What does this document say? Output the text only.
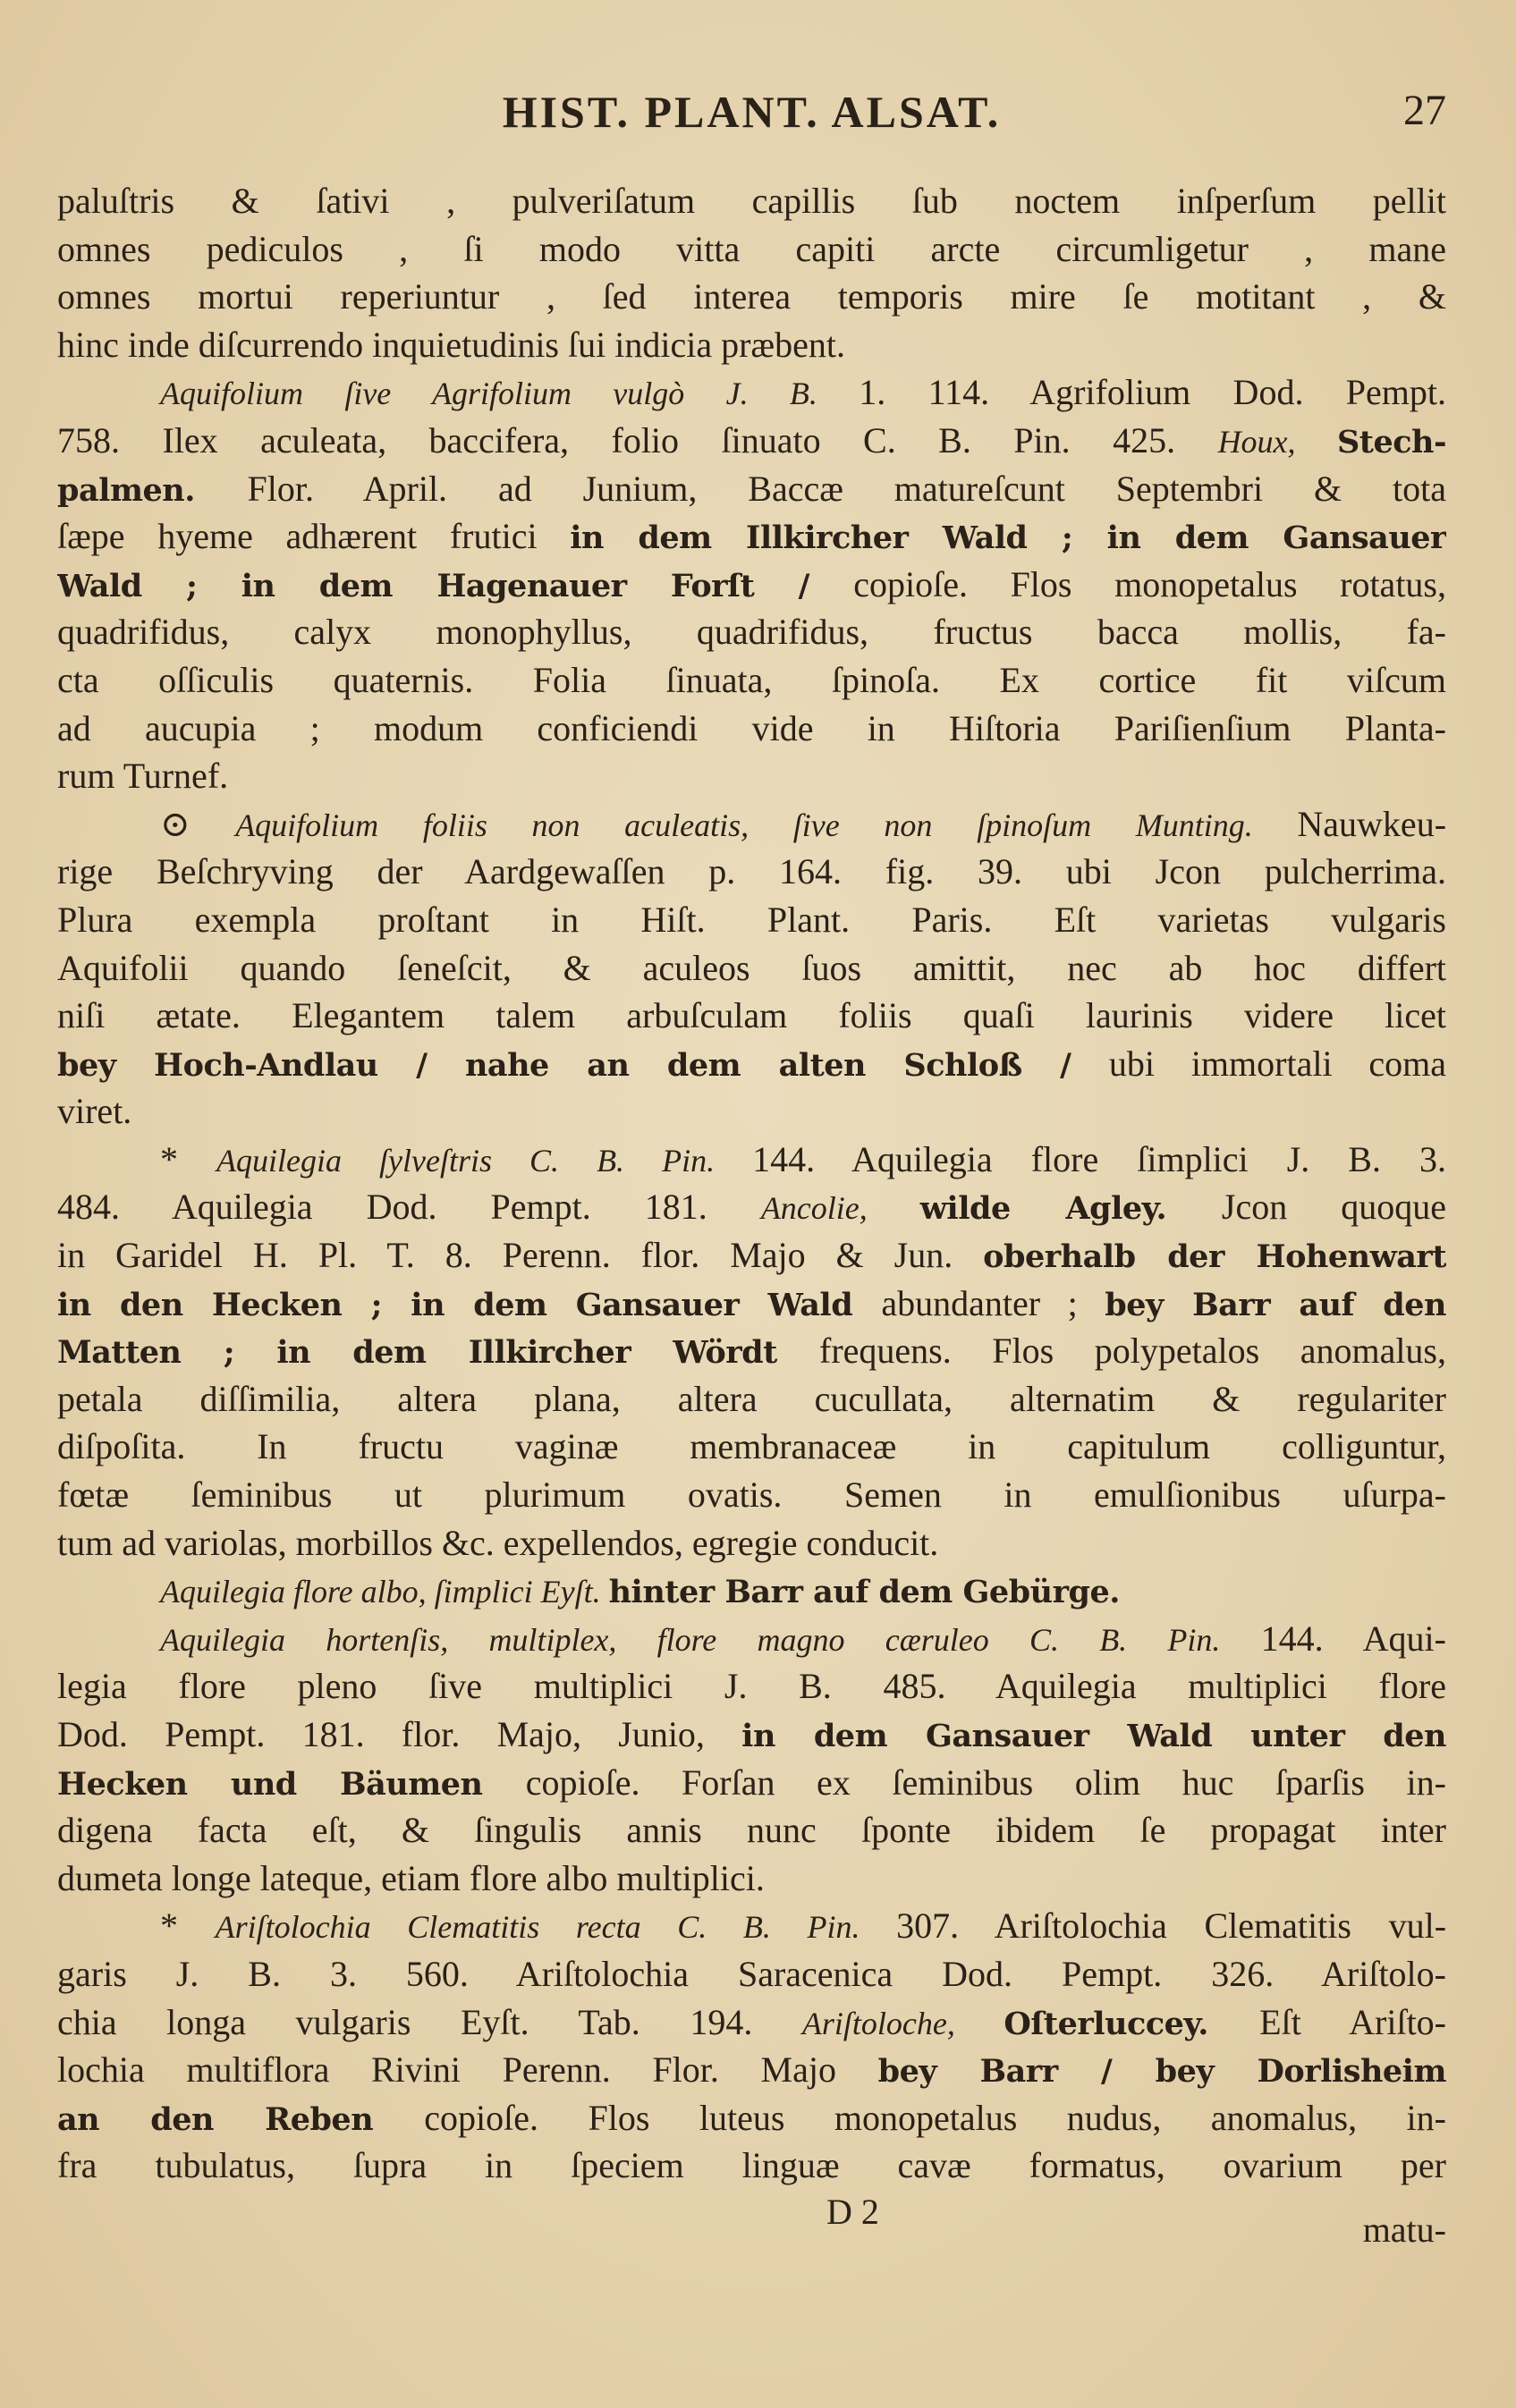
HIST. PLANT. ALSAT.	27
paluſtris & ſativi , pulveriſatum capillis ſub noctem inſperſum pellit
omnes pediculos , ſi modo vitta capiti arcte circumligetur , mane
omnes mortui reperiuntur , ſed interea temporis mire ſe motitant , &
hinc inde diſcurrendo inquietudinis ſui indicia præbent.
Aquifolium ſive Agrifolium vulgò J. B. 1. 114. Agrifolium Dod. Pempt.
758. Ilex aculeata, baccifera, folio ſinuato C. B. Pin. 425. Houx, Stech-
palmen. Flor. April. ad Junium, Baccæ matureſcunt Septembri & tota
ſæpe hyeme adhærent frutici in dem Illkircher Wald ; in dem Gansauer
Wald ; in dem Hagenauer Forſt / copioſe. Flos monopetalus rotatus,
quadrifidus, calyx monophyllus, quadrifidus, fructus bacca mollis, fa-
cta oſſiculis quaternis. Folia ſinuata, ſpinoſa. Ex cortice fit viſcum
ad aucupia ; modum conficiendi vide in Hiſtoria Pariſienſium Planta-
rum Turnef.
⊙ Aquifolium foliis non aculeatis, ſive non ſpinoſum Munting. Nauwkeu-
rige Beſchryving der Aardgewaſſen p. 164. fig. 39. ubi Jcon pulcherrima.
Plura exempla proſtant in Hiſt. Plant. Paris. Eſt varietas vulgaris
Aquifolii quando ſeneſcit, & aculeos ſuos amittit, nec ab hoc differt
niſi ætate. Elegantem talem arbuſculam foliis quaſi laurinis videre licet
bey Hoch-Andlau / nahe an dem alten Schloß / ubi immortali coma
viret.
* Aquilegia ſylveſtris C. B. Pin. 144. Aquilegia flore ſimplici J. B. 3.
484. Aquilegia Dod. Pempt. 181. Ancolie, wilde Agley. Jcon quoque
in Garidel H. Pl. T. 8. Perenn. flor. Majo & Jun. oberhalb der Hohenwart
in den Hecken ; in dem Gansauer Wald abundanter ; bey Barr auf den
Matten ; in dem Illkircher Wördt frequens. Flos polypetalos anomalus,
petala diſſimilia, altera plana, altera cucullata, alternatim & regulariter
diſpoſita. In fructu vaginæ membranaceæ in capitulum colliguntur,
fœtæ ſeminibus ut plurimum ovatis. Semen in emulſionibus uſurpa-
tum ad variolas, morbillos &c. expellendos, egregie conducit.
Aquilegia flore albo, ſimplici Eyſt. hinter Barr auf dem Gebürge.
Aquilegia hortenſis, multiplex, flore magno cæruleo C. B. Pin. 144. Aqui-
legia flore pleno ſive multiplici J. B. 485. Aquilegia multiplici flore
Dod. Pempt. 181. flor. Majo, Junio, in dem Gansauer Wald unter den
Hecken und Bäumen copioſe. Forſan ex ſeminibus olim huc ſparſis in-
digena facta eſt, & ſingulis annis nunc ſponte ibidem ſe propagat inter
dumeta longe lateque, etiam flore albo multiplici.
* Ariſtolochia Clematitis recta C. B. Pin. 307. Ariſtolochia Clematitis vul-
garis J. B. 3. 560. Ariſtolochia Saracenica Dod. Pempt. 326. Ariſtolo-
chia longa vulgaris Eyſt. Tab. 194. Ariſtoloche, Oſterluccey. Eſt Ariſto-
lochia multiflora Rivini Perenn. Flor. Majo bey Barr / bey Dorlisheim
an den Reben copioſe. Flos luteus monopetalus nudus, anomalus, in-
fra tubulatus, ſupra in ſpeciem linguæ cavæ formatus, ovarium per
D 2	matu-
